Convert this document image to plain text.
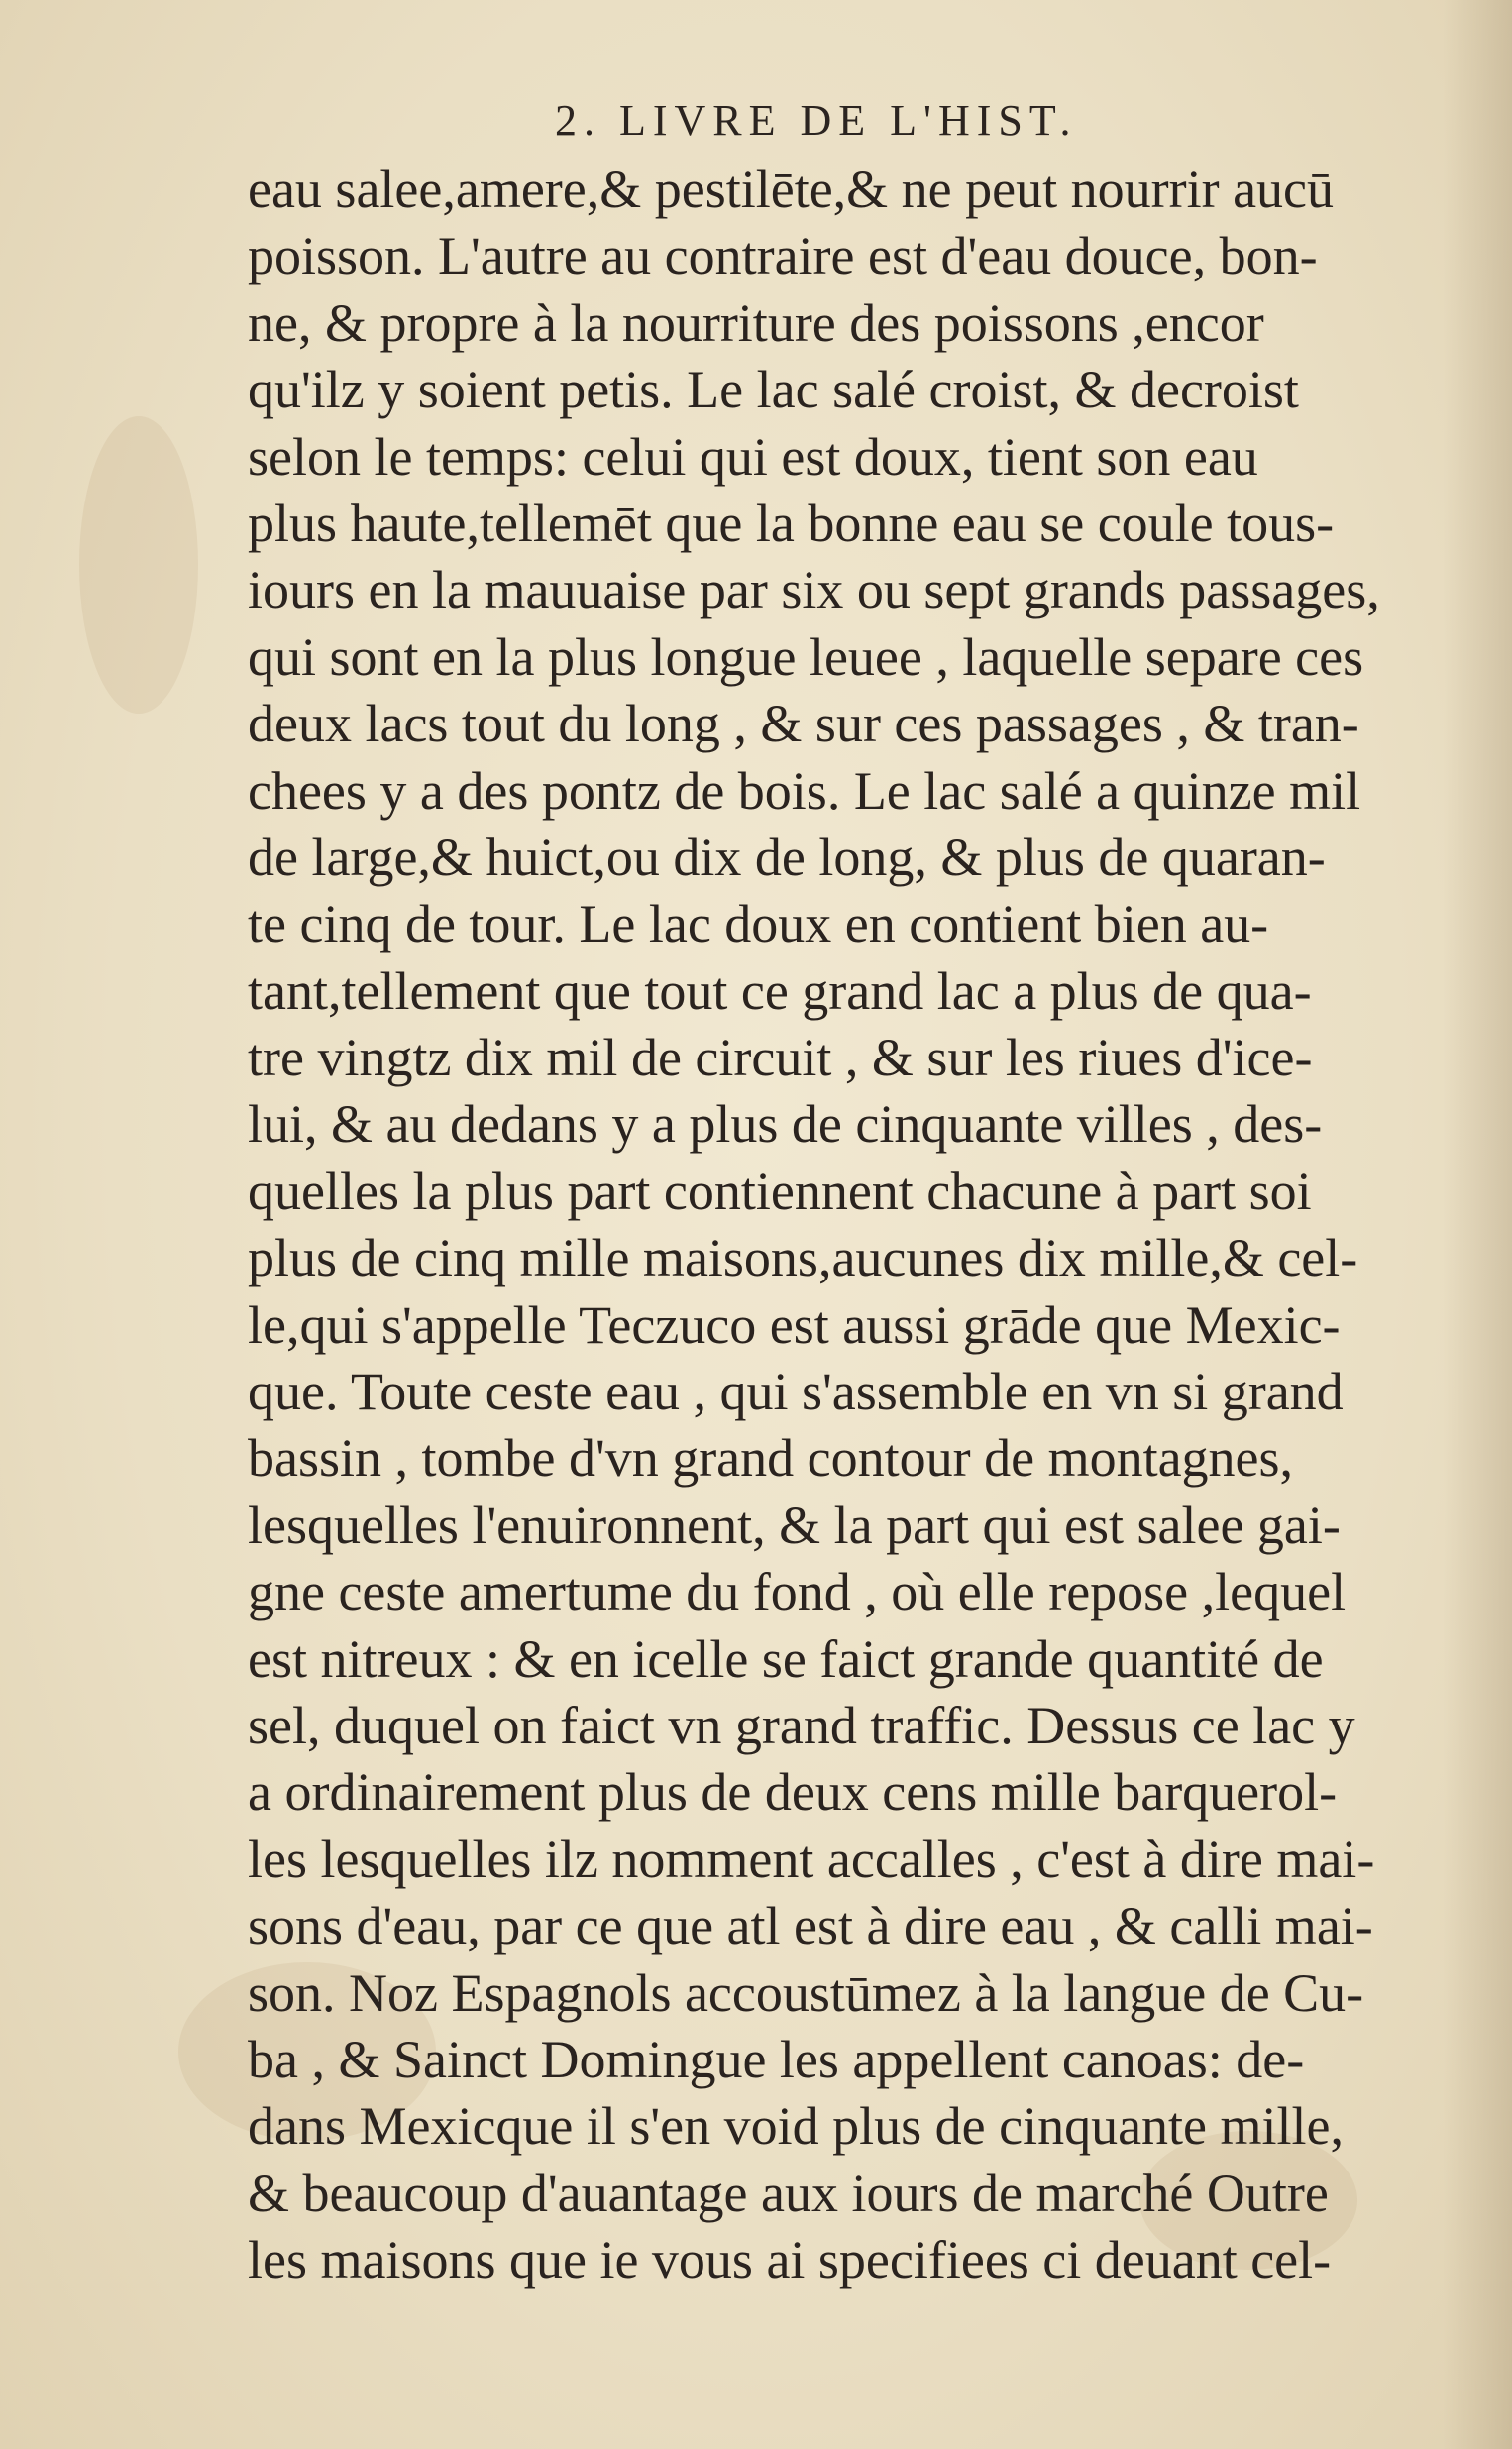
2. LIVRE DE L'HIST.
eau salee,amere,& pestilēte,& ne peut nourrir aucū
poisson. L'autre au contraire est d'eau douce, bon-
ne, & propre à la nourriture des poissons ,encor
qu'ilz y soient petis. Le lac salé croist, & decroist
selon le temps: celui qui est doux, tient son eau
plus haute,tellemēt que la bonne eau se coule tous-
iours en la mauuaise par six ou sept grands passages,
qui sont en la plus longue leuee , laquelle separe ces
deux lacs tout du long , & sur ces passages , & tran-
chees y a des pontz de bois. Le lac salé a quinze mil
de large,& huict,ou dix de long, & plus de quaran-
te cinq de tour. Le lac doux en contient bien au-
tant,tellement que tout ce grand lac a plus de qua-
tre vingtz dix mil de circuit , & sur les riues d'ice-
lui, & au dedans y a plus de cinquante villes , des-
quelles la plus part contiennent chacune à part soi
plus de cinq mille maisons,aucunes dix mille,& cel-
le,qui s'appelle Teczuco est aussi grāde que Mexic-
que. Toute ceste eau , qui s'assemble en vn si grand
bassin , tombe d'vn grand contour de montagnes,
lesquelles l'enuironnent, & la part qui est salee gai-
gne ceste amertume du fond , où elle repose ,lequel
est nitreux : & en icelle se faict grande quantité de
sel, duquel on faict vn grand traffic. Dessus ce lac y
a ordinairement plus de deux cens mille barquerol-
les lesquelles ilz nomment accalles , c'est à dire mai-
sons d'eau, par ce que atl est à dire eau , & calli mai-
son. Noz Espagnols accoustūmez à la langue de Cu-
ba , & Sainct Domingue les appellent canoas: de-
dans Mexicque il s'en void plus de cinquante mille,
& beaucoup d'auantage aux iours de marché Outre
les maisons que ie vous ai specifiees ci deuant cel-
